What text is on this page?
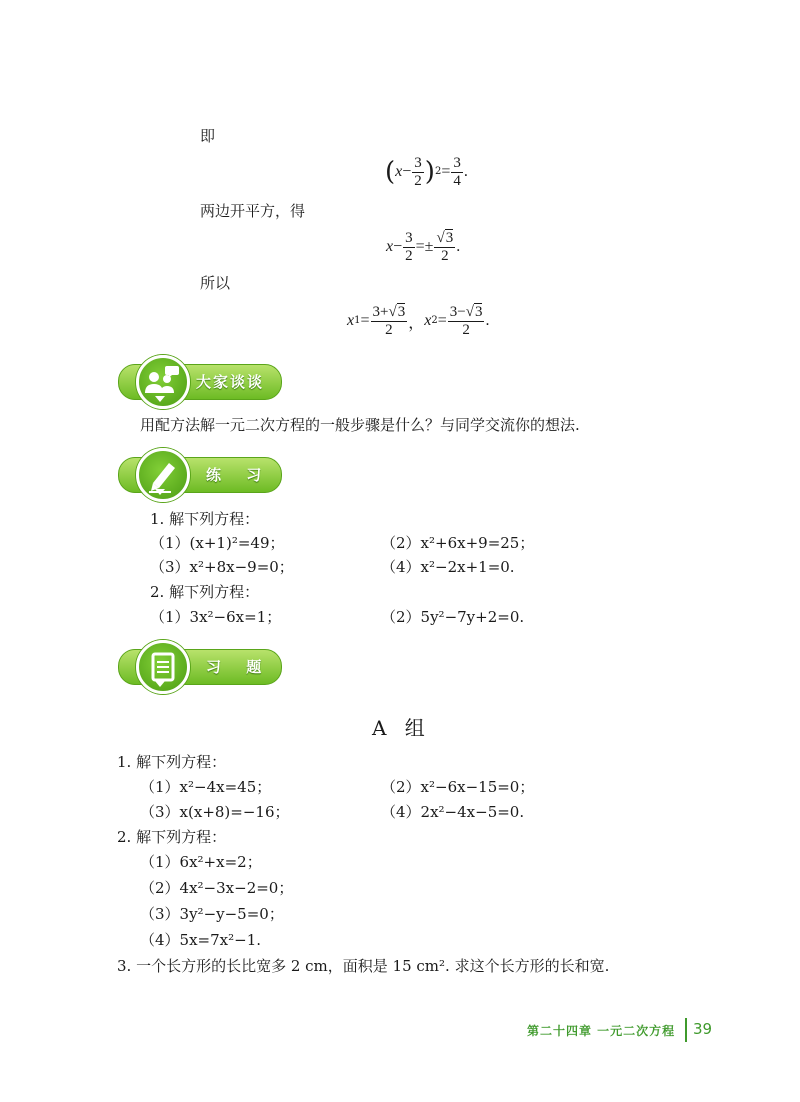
即
( $x - \frac{3}{2}$ ) $2 = \frac{3}{4}$ .
两边开平方，得
$x - \frac{3}{2} =\pm \frac{√3}{2}$ .
所以
x $1 = \frac{3+√3}{2}$ ， x $2 = \frac{3-√3}{2}$ .
大家谈谈
用配方法解一元二次方程的一般步骤是什么？与同学交流你的想法.
练 习
1. 解下列方程：
（1）(x+1)²=49；	（2）x²+6x+9=25；
（3）x²+8x−9=0；	（4）x²−2x+1=0.
2. 解下列方程：
（1）3x²−6x=1；	（2）5y²−7y+2=0.
习 题
A 组
1. 解下列方程：
（1）x²−4x=45；	（2）x²−6x−15=0；
（3）x(x+8)=−16；	（4）2x²−4x−5=0.
2. 解下列方程：
（1）6x²+x=2；
（2）4x²−3x−2=0；
（3）3y²−y−5=0；
（4）5x=7x²−1.
3. 一个长方形的长比宽多 2 cm，面积是 15 cm². 求这个长方形的长和宽.
第二十四章 一元二次方程 39
